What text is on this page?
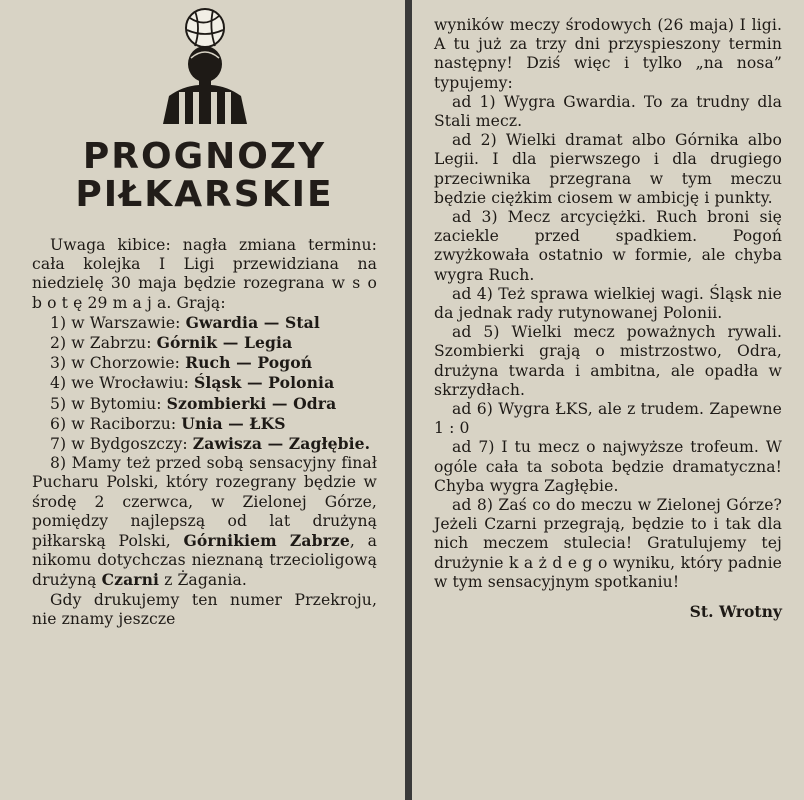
PROGNOZY

PIŁKARSKIE

Uwaga kibice: nagła zmiana terminu: cała kolejka I Ligi przewidziana na niedzielę 30 maja będzie rozegrana w s o b o t ę 29 m a j a. Grają:

1) w Warszawie: Gwardia — Stal

2) w Zabrzu: Górnik — Legia

3) w Chorzowie: Ruch — Pogoń

4) we Wrocławiu: Śląsk — Polonia

5) w Bytomiu: Szombierki — Odra

6) w Raciborzu: Unia — ŁKS

7) w Bydgoszczy: Zawisza — Zagłębie.

8) Mamy też przed sobą sensacyjny finał Pucharu Polski, który rozegrany będzie w środę 2 czerwca, w Zielonej Górze, pomiędzy najlepszą od lat drużyną piłkarską Polski, Górnikiem Zabrze, a nikomu dotychczas nieznaną trzecioligową drużyną Czarni z Żagania.

Gdy drukujemy ten numer Przekroju, nie znamy jeszcze

wyników meczy środowych (26 maja) I ligi. A tu już za trzy dni przyspieszony termin następny! Dziś więc i tylko „na nosa” typujemy:

ad 1) Wygra Gwardia. To za trudny dla Stali mecz.

ad 2) Wielki dramat albo Górnika albo Legii. I dla pierwszego i dla drugiego przeciwnika przegrana w tym meczu będzie ciężkim ciosem w ambicję i punkty.

ad 3) Mecz arcyciężki. Ruch broni się zaciekle przed spadkiem. Pogoń zwyżkowała ostatnio w formie, ale chyba wygra Ruch.

ad 4) Też sprawa wielkiej wagi. Śląsk nie da jednak rady rutynowanej Polonii.

ad 5) Wielki mecz poważnych rywali. Szombierki grają o mistrzostwo, Odra, drużyna twarda i ambitna, ale opadła w skrzydłach.

ad 6) Wygra ŁKS, ale z trudem. Zapewne 1 : 0

ad 7) I tu mecz o najwyższe trofeum. W ogóle cała ta sobota będzie dramatyczna! Chyba wygra Zagłębie.

ad 8) Zaś co do meczu w Zielonej Górze? Jeżeli Czarni przegrają, będzie to i tak dla nich meczem stulecia! Gratulujemy tej drużynie k a ż d e g o wyniku, który padnie w tym sensacyjnym spotkaniu!

St. Wrotny
